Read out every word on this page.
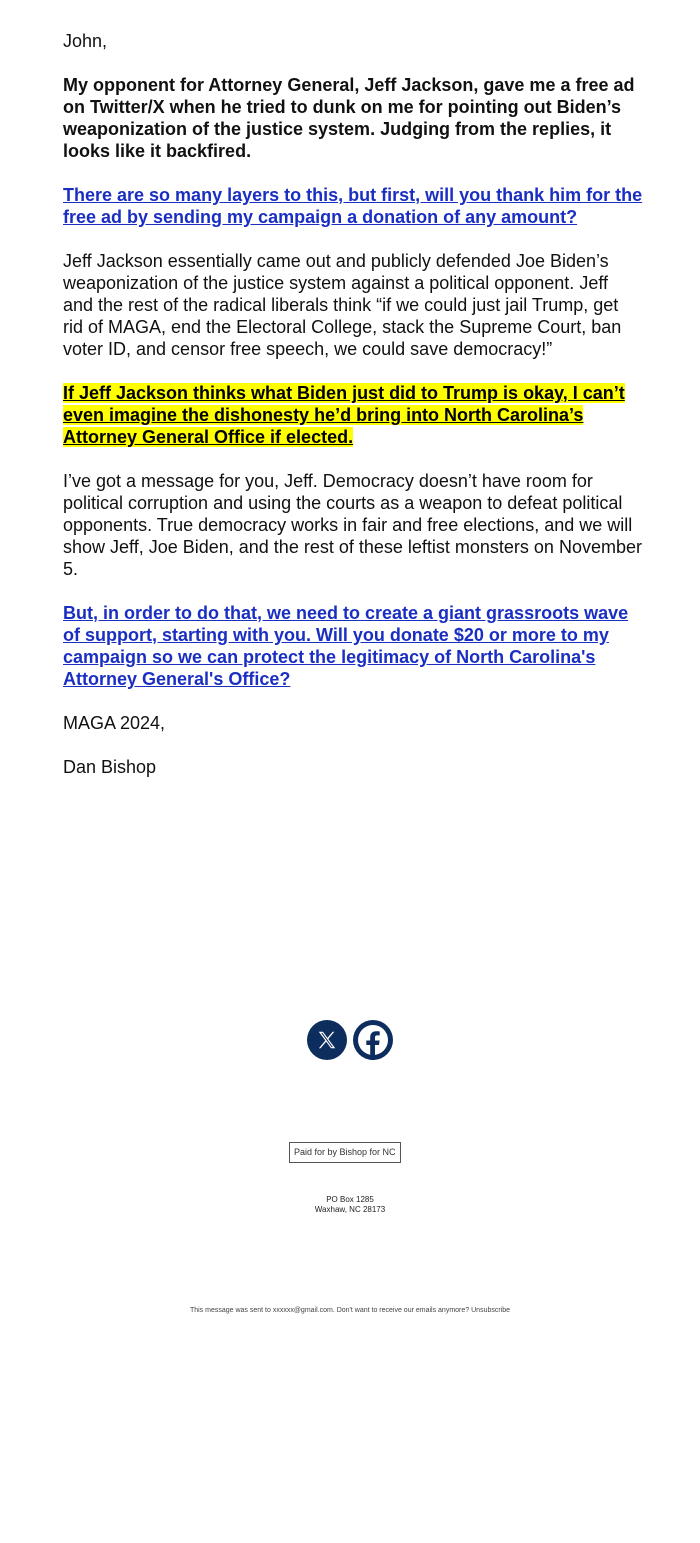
John,

My opponent for Attorney General, Jeff Jackson, gave me a free ad on Twitter/X when he tried to dunk on me for pointing out Biden’s weaponization of the justice system. Judging from the replies, it looks like it backfired.

There are so many layers to this, but first, will you thank him for the free ad by sending my campaign a donation of any amount?

Jeff Jackson essentially came out and publicly defended Joe Biden’s weaponization of the justice system against a political opponent. Jeff and the rest of the radical liberals think “if we could just jail Trump, get rid of MAGA, end the Electoral College, stack the Supreme Court, ban voter ID, and censor free speech, we could save democracy!”

If Jeff Jackson thinks what Biden just did to Trump is okay, I can’t even imagine the dishonesty he’d bring into North Carolina’s Attorney General Office if elected.

I’ve got a message for you, Jeff. Democracy doesn’t have room for political corruption and using the courts as a weapon to defeat political opponents. True democracy works in fair and free elections, and we will show Jeff, Joe Biden, and the rest of these leftist monsters on November 5.

But, in order to do that, we need to create a giant grassroots wave of support, starting with you. Will you donate $20 or more to my campaign so we can protect the legitimacy of North Carolina's Attorney General's Office?

MAGA 2024,

Dan Bishop

Paid for by Bishop for NC
PO Box 1285
Waxhaw, NC 28173
This message was sent to xxxxxx@gmail.com. Don't want to receive our emails anymore? Unsubscribe
